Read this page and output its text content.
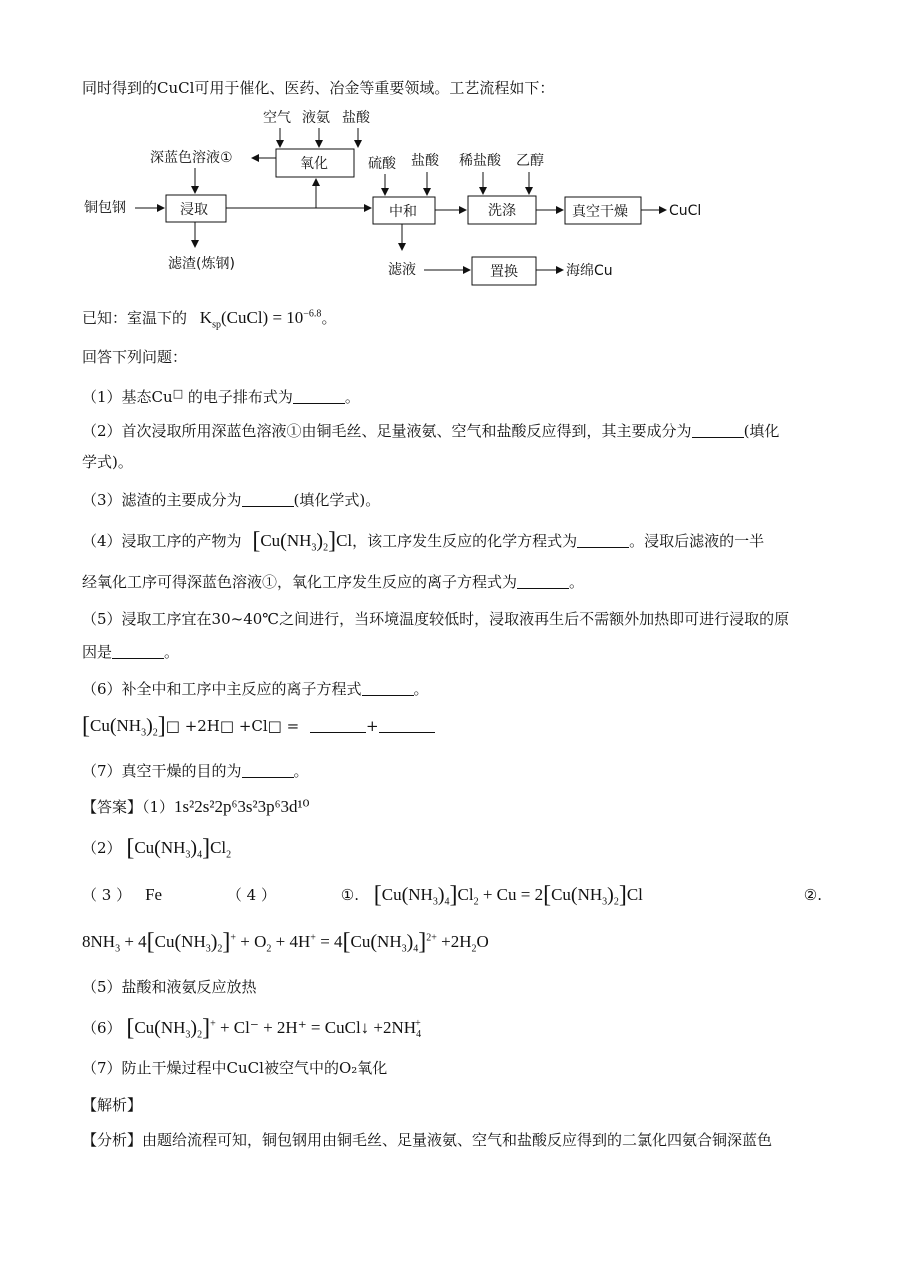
同时得到的CuCl可用于催化、医药、冶金等重要领域。工艺流程如下：
空气 液氨 盐酸
氧化
深蓝色溶液①
铜包钢	浸取
滤渣(炼钢)
硫酸 盐酸
中和
稀盐酸 乙醇
洗涤	真空干燥	CuCl
滤液	置换	海绵Cu
已知：室温下的 $K_{sp}(CuCl) = 10^{-6.8}$。
回答下列问题：
（1）基态Cu□ 的电子排布式为	。
（2）首次浸取所用深蓝色溶液①由铜毛丝、足量液氨、空气和盐酸反应得到，其主要成分为	(填化
学式)。
（3）滤渣的主要成分为	(填化学式)。
（4）浸取工序的产物为 $[Cu(NH_3)_2]Cl$，该工序发生反应的化学方程式为	。浸取后滤液的一半
经氧化工序可得深蓝色溶液①，氧化工序发生反应的离子方程式为	。
（5）浸取工序宜在30~40℃之间进行，当环境温度较低时，浸取液再生后不需额外加热即可进行浸取的原
因是	。
（6）补全中和工序中主反应的离子方程式	。
$[Cu(NH_3)_2]□$ +2H□ +Cl□ =	+
（7）真空干燥的目的为	。
【答案】（1）1s²2s²2p⁶3s²3p⁶3d¹⁰
（2） $[Cu(NH_3)_4]Cl_2$
（ 3 ） Fe	（ 4 ）	①. $[Cu(NH_3)_4]Cl_2 + Cu = 2[Cu(NH_3)_2]Cl$	②.
$8NH_3 + 4[Cu(NH_3)_2]^+ + O_2 + 4H^+ = 4[Cu(NH_3)_4]^{2+} +2H_2O$
（5）盐酸和液氨反应放热
（6） $[Cu(NH_3)_2]^+ + Cl^- + 2H^+$ = CuCl↓ $+2NH_4^+$
（7）防止干燥过程中CuCl被空气中的O₂氧化
【解析】
【分析】由题给流程可知，铜包钢用由铜毛丝、足量液氨、空气和盐酸反应得到的二氯化四氨合铜深蓝色
